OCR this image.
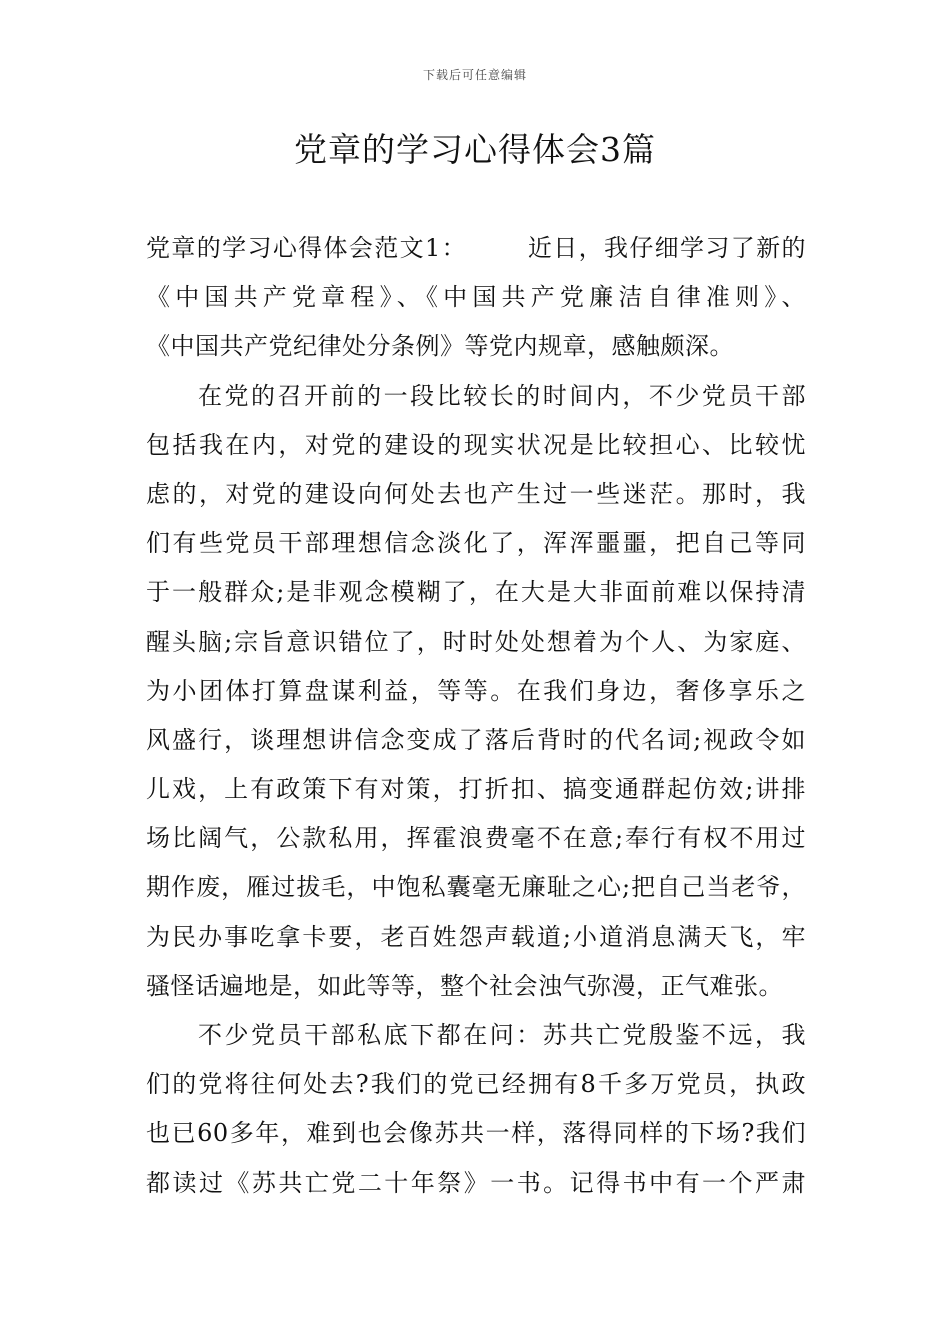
下载后可任意编辑
党章的学习心得体会3篇
党章的学习心得体会范文1：	近日，我仔细学习了新的
《中国共产党章程》、《中国共产党廉洁自律准则》、
《中国共产党纪律处分条例》等党内规章，感触颇深。
在党的召开前的一段比较长的时间内，不少党员干部
包括我在内，对党的建设的现实状况是比较担心、比较忧
虑的，对党的建设向何处去也产生过一些迷茫。那时，我
们有些党员干部理想信念淡化了，浑浑噩噩，把自己等同
于一般群众;是非观念模糊了，在大是大非面前难以保持清
醒头脑;宗旨意识错位了，时时处处想着为个人、为家庭、
为小团体打算盘谋利益，等等。在我们身边，奢侈享乐之
风盛行，谈理想讲信念变成了落后背时的代名词;视政令如
儿戏，上有政策下有对策，打折扣、搞变通群起仿效;讲排
场比阔气，公款私用，挥霍浪费毫不在意;奉行有权不用过
期作废，雁过拔毛，中饱私囊毫无廉耻之心;把自己当老爷，
为民办事吃拿卡要，老百姓怨声载道;小道消息满天飞，牢
骚怪话遍地是，如此等等，整个社会浊气弥漫，正气难张。
不少党员干部私底下都在问：苏共亡党殷鉴不远，我
们的党将往何处去?我们的党已经拥有8千多万党员，执政
也已60多年，难到也会像苏共一样，落得同样的下场?我们
都读过《苏共亡党二十年祭》一书。记得书中有一个严肃
